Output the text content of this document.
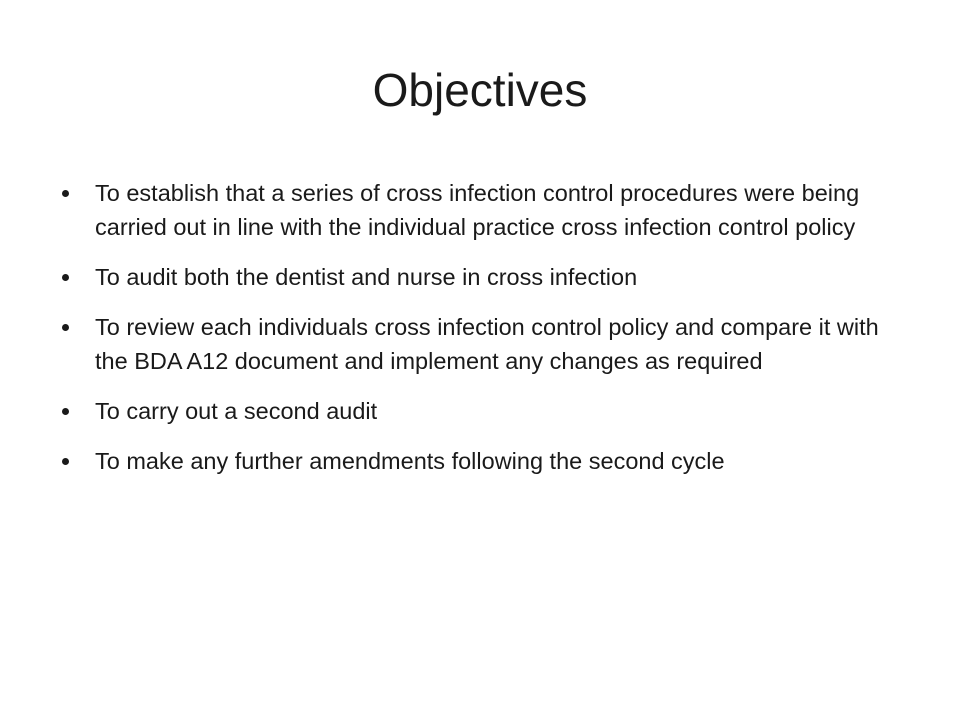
Objectives
To establish that a series of cross infection control procedures were being carried out in line with the individual practice cross infection control policy
To audit both the dentist and nurse in cross infection
To review each individuals cross infection control policy and compare it with the BDA A12 document and implement any changes as required
To carry out a second audit
To make any further amendments following the second cycle
